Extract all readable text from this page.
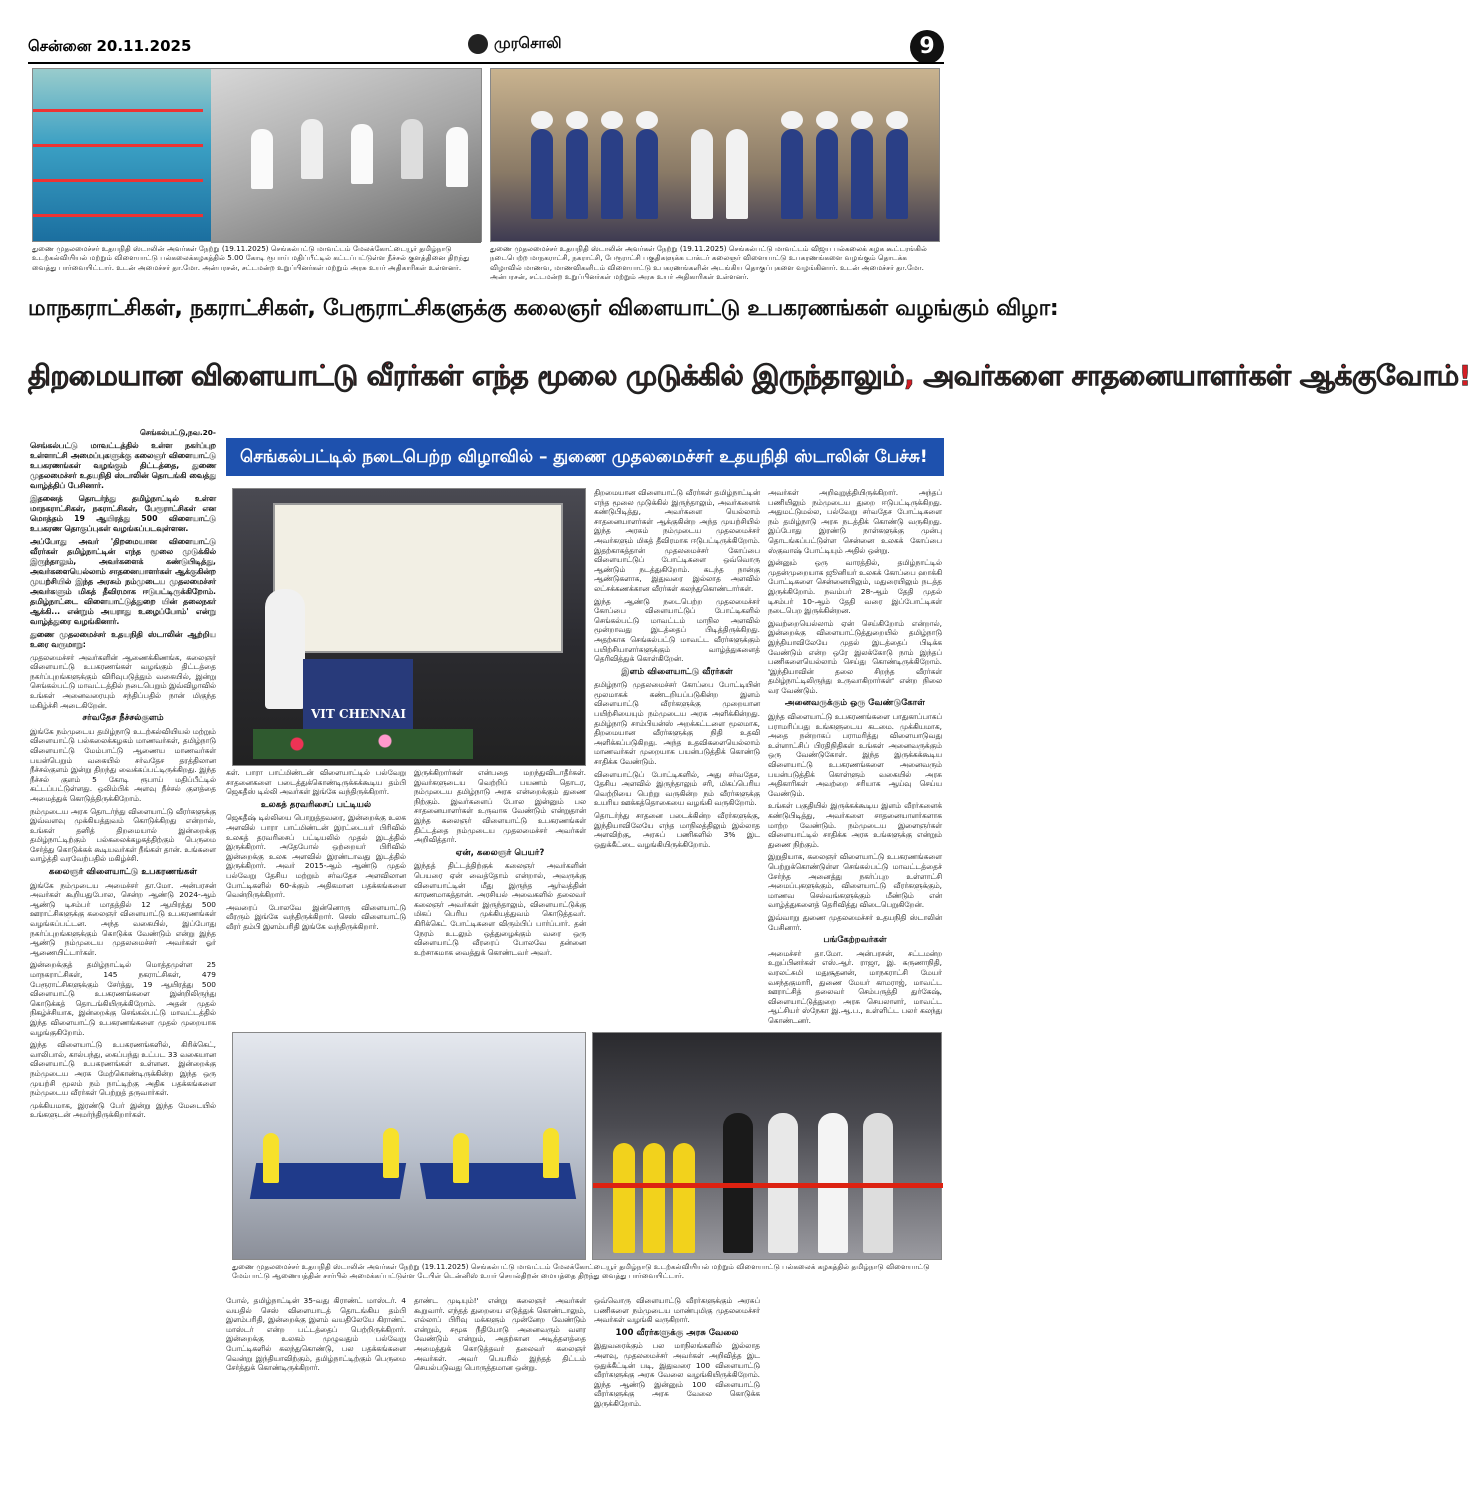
சென்னை 20.11.2025	முரசொலி	9
துணை முதலமைச்சர் உதயநிதி ஸ்டாலின் அவர்கள் நேற்று (19.11.2025) செங்கல்பட்டு மாவட்டம் மேலக்கோட்டையூர் தமிழ்நாடு உடற்கல்வியியல் மற்றும் விளையாட்டு பல்கலைக்கழகத்தில் 5.00 கோடி ரூபாய் மதிப்பீட்டில் கட்டப்பட்டுள்ள நீச்சல் குளத்தினை திறந்து வைத்து பார்வையிட்டார். உடன் அமைச்சர் தா.மோ. அன்பரசன், சட்டமன்ற உறுப்பினர்கள் மற்றும் அரசு உயர் அதிகாரிகள் உள்ளனர்.
துணை முதலமைச்சர் உதயநிதி ஸ்டாலின் அவர்கள் நேற்று (19.11.2025) செங்கல்பட்டு மாவட்டம் விஜய பல்கலைக் கழக கூட்டரங்கில் நடைபெற்ற மாநகராட்சி, நகராட்சி, பேரூராட்சி பகுதிகளுக்க டாக்டர் கலைஞர் விளையாட்டு உபகரணங்களை வழங்கும் தொடக்க விழாவில் மாணவ, மாணவிகளிடம் விளையாட்டு உபகரணங்களின் அடங்கிய தொகுப்புகளை வழங்கினார். உடன் அமைச்சர் தா.மோ. அன்பரசன், சட்டமன்ற உறுப்பினர்கள் மற்றும் அரசு உயர் அதிகாரிகள் உள்ளனர்.
மாநகராட்சிகள், நகராட்சிகள், பேரூராட்சிகளுக்கு கலைஞர் விளையாட்டு உபகரணங்கள் வழங்கும் விழா:
திறமையான விளையாட்டு வீரர்கள் எந்த மூலை முடுக்கில் இருந்தாலும், அவர்களை சாதனையாளர்கள் ஆக்குவோம்!
செங்கல்பட்டில் நடைபெற்ற விழாவில் – துணை முதலமைச்சர் உதயநிதி ஸ்டாலின் பேச்சு!

செங்கல்பட்டு,நவ.20-

செங்கல்பட்டு மாவட்டத்தில் உள்ள நகர்ப்புற உள்ளாட்சி அமைப்புகளுக்கு கலைஞர் விளையாட்டு உபகரணங்கள் வழங்கும் திட்டத்தை, துணை முதலமைச்சர் உதயநிதி ஸ்டாலின் தொடங்கி வைத்து வாழ்த்திப் பேசினார்.

இதனைத் தொடர்ந்து தமிழ்நாட்டில் உள்ள மாநகராட்சிகள், நகராட்சிகள், பேரூராட்சிகள் என மொத்தம் 19 ஆயிரத்து 500 விளையாட்டு உபகரண தொகுப்புகள் வழங்கப்படவுள்ளன.

அப்போது அவர் 'திறமையான விளையாட்டு வீரர்கள் தமிழ்நாட்டின் எந்த மூலை முடுக்கில் இருந்தாலும், அவர்களைக் கண்டுபிடித்து, அவர்களையெல்லாம் சாதனையாளர்கள் ஆக்குகின்ற முயற்சியில் இந்த அரசும் நம்முடைய முதலமைச்சர் அவர்களும் மிகத் தீவிரமாக ஈடுபட்டிருக்கிறோம். தமிழ்நாட்டை விளையாட்டுத்துறை யின் தலைநகர் ஆக்கி... என்றும் அயராது உழைப்போம்' என்று வாழ்த்துரை வழங்கினார்.

துணை முதலமைச்சர் உதயநிதி ஸ்டாலின் ஆற்றிய உரை வருமாறு:

முதலமைச்சர் அவர்களின் ஆணைக்கிணங்க, கலைஞர் விளையாட்டு உபகரணங்கள் வழங்கும் திட்டத்தை நகர்ப்புறங்களுக்கும் விரிவுபடுத்தும் வகையில், இன்று செங்கல்பட்டு மாவட்டத்தில் நடைபெறும் இவ்விழாவில் உங்கள் அனைவரையும் சந்திப்பதில் நான் மிகுந்த மகிழ்ச்சி அடைகிறேன்.

சர்வதேச நீச்சல்குளம்

இங்கே நம்முடைய தமிழ்நாடு உடற்கல்வியியல் மற்றும் விளையாட்டு பல்கலைக்கழகம் மாணவர்கள், தமிழ்நாடு விளையாட்டு மேம்பாட்டு ஆணைய மாணவர்கள் பயன்பெறும் வகையில் சர்வதேச தரத்திலான நீச்சல்குளம் இன்று திறந்து வைக்கப்பட்டிருக்கிறது. இந்த நீச்சல் குளம் 5 கோடி ரூபாய் மதிப்பீட்டில் கட்டப்பட்டுள்ளது. ஒலிம்பிக் அளவு நீச்சல் குளத்தை அமைத்துக் கொடுத்திருக்கிறோம்.

நம்முடைய அரசு தொடர்ந்து விளையாட்டு வீரர்களுக்கு இவ்வளவு முக்கியத்துவம் கொடுக்கிறது என்றால், உங்கள் தனித் திறமையால் இன்றைக்கு தமிழ்நாட்டிற்கும் பல்கலைக்கழகத்திற்கும் பெருமை சேர்த்து கொடுக்கக் கூடியவர்கள் நீங்கள் தான். உங்களை வாழ்த்தி வரவேற்பதில் மகிழ்ச்சி.

கலைஞர் விளையாட்டு உபகரணங்கள்

இங்கே நம்முடைய அமைச்சர் தா.மோ. அன்பரசன் அவர்கள் கூறியதுபோல, சென்ற ஆண்டு 2024-ஆம் ஆண்டு டிசம்பர் மாதத்தில் 12 ஆயிரத்து 500 ஊராட்சிகளுக்கு கலைஞர் விளையாட்டு உபகரணங்கள் வழங்கப்பட்டன. அந்த வகையில், இப்போது நகர்ப்புறங்களுக்கும் கொடுக்க வேண்டும் என்று இந்த ஆண்டு நம்முடைய முதலமைச்சர் அவர்கள் ஓர் ஆணையிட்டார்கள்.

இன்றைக்குத் தமிழ்நாட்டில் மொத்தமுள்ள 25 மாநகராட்சிகள், 145 நகராட்சிகள், 479 பேரூராட்சிகளுக்கும் சேர்த்து, 19 ஆயிரத்து 500 விளையாட்டு உபகரணங்களை இன்றிலிருந்து கொடுக்கத் தொடங்கியிருக்கிறோம். அதன் முதல் நிகழ்ச்சியாக, இன்றைக்கு செங்கல்பட்டு மாவட்டத்தில் இந்த விளையாட்டு உபகரணங்களை முதல் முறையாக வழங்குகிறோம்.

இந்த விளையாட்டு உபகரணங்களில், கிரிக்கெட், வாலிபால், கால்பந்து, கைப்பந்து உட்பட 33 வகையான விளையாட்டு உபகரணங்கள் உள்ளன. இன்றைக்கு நம்முடைய அரசு மேற்கொண்டிருக்கின்ற இந்த ஒரு முயற்சி மூலம் நம் நாட்டிற்கு அதிக பதக்கங்களை நம்முடைய வீரர்கள் பெற்றுத் தருவார்கள்.

முக்கியமாக, இரண்டு பேர் இன்று இந்த மேடையில் உங்களுடன் அமர்ந்திருக்கிறார்கள்.

VIT CHENNAI

கள். பாரா பாட்மிண்டன் விளையாட்டில் பல்வேறு சாதனைகளை படைத்துக்கொண்டிருக்கக்கூடிய தம்பி ஜெகதீஸ் டில்லி அவர்கள் இங்கே வந்திருக்கிறார்.

உலகத் தரவரிசைப் பட்டியல்

ஜெகதீஷ் டில்லியை பொறுத்தவரை, இன்றைக்கு உலக அளவில் பாரா பாட்மிண்டன் இரட்டையர் பிரிவில் உலகத் தரவரிசைப் பட்டியலில் முதல் இடத்தில் இருக்கிறார். அதேபோல் ஒற்றையர் பிரிவில் இன்றைக்கு உலக அளவில் இரண்டாவது இடத்தில் இருக்கிறார். அவர் 2015-ஆம் ஆண்டு முதல் பல்வேறு தேசிய மற்றும் சர்வதேச அளவிலான போட்டிகளில் 60-க்கும் அதிகமான பதக்கங்களை வென்றிருக்கிறார்.

அவரைப் போலவே இன்னொரு விளையாட்டு வீரரும் இங்கே வந்திருக்கிறார். செஸ் விளையாட்டு வீரர் தம்பி இளம்பரிதி இங்கே வந்திருக்கிறார்.

இருக்கிறார்கள் என்பதை மறந்துவிடாதீர்கள். இவர்களுடைய வெற்றிப் பயணம் தொடர, நம்முடைய தமிழ்நாடு அரசு என்றைக்கும் துணை நிற்கும். இவர்களைப் போல இன்னும் பல சாதனையாளர்கள் உருவாக வேண்டும் என்றுதான் இந்த கலைஞர் விளையாட்டு உபகரணங்கள் திட்டத்தை நம்முடைய முதலமைச்சர் அவர்கள் அறிவித்தார்.

ஏன், கலைஞர் பெயர்?

இந்தத் திட்டத்திற்குக் கலைஞர் அவர்களின் பெயரை ஏன் வைத்தோம் என்றால், அவருக்கு விளையாட்டின் மீது இருந்த ஆர்வத்தின் காரணமாகத்தான். அரசியல் அவைகளில் தலைவர் கலைஞர் அவர்கள் இருந்தாலும், விளையாட்டுக்கு மிகப் பெரிய முக்கியத்துவம் கொடுத்தவர். கிரிக்கெட் போட்டிகளை விரும்பிப் பார்ப்பார். தன் நேரம் உடலும் ஒத்துழைக்கும் வரை ஒரு விளையாட்டு வீரரைப் போலவே தன்னை உற்சாகமாக வைத்துக் கொண்டவர் அவர்.

திறமையான விளையாட்டு வீரர்கள் தமிழ்நாட்டின் எந்த மூலை முடுக்கில் இருந்தாலும், அவர்களைக் கண்டுபிடித்து, அவர்களை யெல்லாம் சாதனையாளர்கள் ஆக்குகின்ற அந்த முயற்சியில் இந்த அரசும் நம்முடைய முதலமைச்சர் அவர்களும் மிகத் தீவிரமாக ஈடுபட்டிருக்கிறோம். இதற்காகத்தான் முதலமைச்சர் கோப்பை விளையாட்டுப் போட்டிகளை ஒவ்வொரு ஆண்டும் நடத்துகிறோம். கடந்த நான்கு ஆண்டுகளாக, இதுவரை இல்லாத அளவில் லட்சக்கணக்கான வீரர்கள் கலந்துகொண்டார்கள்.

இந்த ஆண்டு நடைபெற்ற முதலமைச்சர் கோப்பை விளையாட்டுப் போட்டிகளில் செங்கல்பட்டு மாவட்டம் மாநில அளவில் மூன்றாவது இடத்தைப் பிடித்திருக்கிறது. அதற்காக செங்கல்பட்டு மாவட்ட வீரர்களுக்கும் பயிற்சியாளர்களுக்கும் வாழ்த்துகளைத் தெரிவித்துக் கொள்கிறேன்.

இளம் விளையாட்டு வீரர்கள்

தமிழ்நாடு முதலமைச்சர் கோப்பை போட்டியின் மூலமாகக் கண்டறியப்படுகின்ற இளம் விளையாட்டு வீரர்களுக்கு முறையான பயிற்சியையும் நம்முடைய அரசு அளிக்கின்றது. தமிழ்நாடு சாம்பியன்ஸ் அறக்கட்டளை மூலமாக, திறமையான வீரர்களுக்கு நிதி உதவி அளிக்கப்படுகிறது. அந்த உதவிகளையெல்லாம் மாணவர்கள் முறையாக பயன்படுத்திக் கொண்டு சாதிக்க வேண்டும்.

விளையாட்டுப் போட்டிகளில், அது சர்வதேச, தேசிய அளவில் இருந்தாலும் சரி, மிகப்பெரிய வெற்றியை பெற்று வருகின்ற நம் வீரர்களுக்கு உயரிய ஊக்கத்தொகையை வழங்கி வருகிறோம்.

தொடர்ந்து சாதனை படைக்கின்ற வீரர்களுக்கு, இந்தியாவிலேயே எந்த மாநிலத்திலும் இல்லாத அளவிற்கு, அரசுப் பணிகளில் 3% இட ஒதுக்கீட்டை வழங்கியிருக்கிறோம்.

அவர்கள் அறிவுறுத்தியிருக்கிறார். அந்தப் பணியிலும் நம்முடைய துறை ஈடுபட்டிருக்கிறது. அதுமட்டுமல்ல, பல்வேறு சர்வதேச போட்டிகளை நம் தமிழ்நாடு அரசு நடத்திக் கொண்டு வருகிறது. இப்போது இரண்டு நாள்களுக்கு முன்பு தொடங்கப்பட்டுள்ள சென்னை உலகக் கோப்பை ஸ்குவாஷ் போட்டியும் அதில் ஒன்று.

இன்னும் ஒரு வாரத்தில், தமிழ்நாட்டில் முதன்முறையாக ஜூனியர் உலகக் கோப்பை ஹாக்கி போட்டிகளை சென்னையிலும், மதுரையிலும் நடத்த இருக்கிறோம். நவம்பர் 28-ஆம் தேதி முதல் டிசம்பர் 10-ஆம் தேதி வரை இப்போட்டிகள் நடைபெற இருக்கின்றன.

இவற்றையெல்லாம் ஏன் செய்கிறோம் என்றால், இன்றைக்கு விளையாட்டுத்துறையில் தமிழ்நாடு இந்தியாவிலேயே முதல் இடத்தைப் பிடிக்க வேண்டும் என்ற ஒரே இலக்கோடு நாம் இந்தப் பணிகளையெல்லாம் செய்து கொண்டிருக்கிறோம். 'இந்தியாவின் தலை சிறந்த வீரர்கள் தமிழ்நாட்டிலிருந்து உருவாகிறார்கள்' என்ற நிலை வர வேண்டும்.

அனைவருக்கும் ஒரு வேண்டுகோள்

இந்த விளையாட்டு உபகரணங்களை பாதுகாப்பாகப் பராமரிப்பது உங்களுடைய கடமை. முக்கியமாக, அதை நன்றாகப் பராமரித்து விளையாடுவது உள்ளாட்சிப் பிரதிநிதிகள் உங்கள் அனைவருக்கும் ஒரு வேண்டுகோள். இந்த இருக்கக்கூடிய விளையாட்டு உபகரணங்களை அனைவரும் பயன்படுத்திக் கொள்ளும் வகையில் அரசு அதிகாரிகள் அவற்றை சரியாக ஆய்வு செய்ய வேண்டும்.

உங்கள் பகுதியில் இருக்கக்கூடிய இளம் வீரர்களைக் கண்டுபிடித்து, அவர்களை சாதனையாளர்களாக மாற்ற வேண்டும். நம்முடைய இளைஞர்கள் விளையாட்டில் சாதிக்க அரசு உங்களுக்கு என்றும் துணை நிற்கும்.

இறுதியாக, கலைஞர் விளையாட்டு உபகரணங்களை பெற்றுக்கொண்டுள்ள செங்கல்பட்டு மாவட்டத்தைச் சேர்ந்த அனைத்து நகர்ப்புற உள்ளாட்சி அமைப்புகளுக்கும், விளையாட்டு வீரர்களுக்கும், மாணவ செல்வங்களுக்கும் மீண்டும் என் வாழ்த்துகளைத் தெரிவித்து விடைபெறுகிறேன்.

இவ்வாறு துணை முதலமைச்சர் உதயநிதி ஸ்டாலின் பேசினார்.

பங்கேற்றவர்கள்

அமைச்சர் தா.மோ. அன்பரசன், சட்டமன்ற உறுப்பினர்கள் எஸ்.ஆர். ராஜா, இ. கருணாநிதி, வரலட்சுமி மதுசூதனன், மாநகராட்சி மேயர் வசந்தகுமாரி, துணை மேயர் காமராஜ், மாவட்ட ஊராட்சித் தலைவர் செம்பருத்தி துர்கேஷ், விளையாட்டுத்துறை அரசு செயலாளர், மாவட்ட ஆட்சியர் ஸ்நேகா இ.ஆ.ப., உள்ளிட்ட பலர் கலந்து கொண்டனர்.

துணை முதலமைச்சர் உதயநிதி ஸ்டாலின் அவர்கள் நேற்று (19.11.2025) செங்கல்பட்டு மாவட்டம் மேலக்கோட்டையூர் தமிழ்நாடு உடற்கல்வியியல் மற்றும் விளையாட்டு பல்கலைக் கழகத்தில் தமிழ்நாடு விளையாட்டு மேம்பாட்டு ஆணையத்தின் சார்பில் அமைக்கப்பட்டுள்ள டேபிள் டென்னிஸ் உயர் செயல்திறன் மையத்தை திறந்து வைத்து பார்வையிட்டார்.

போல், தமிழ்நாட்டின் 35-வது கிராண்ட் மாஸ்டர். 4 வயதில் செஸ் விளையாடத் தொடங்கிய தம்பி இளம்பரிதி, இன்றைக்கு இளம் வயதிலேயே கிராண்ட் மாஸ்டர் என்ற பட்டத்தைப் பெற்றிருக்கிறார். இன்றைக்கு உலகம் முழுவதும் பல்வேறு போட்டிகளில் கலந்துகொண்டு, பல பதக்கங்களை வென்று இந்தியாவிற்கும், தமிழ்நாட்டிற்கும் பெருமை சேர்த்துக் கொண்டிருக்கிறார்.

தாண்ட முடியும்!' என்று கலைஞர் அவர்கள் கூறுவார். எந்தத் துறையை எடுத்துக் கொண்டாலும், எல்லாப் பிரிவு மக்களும் முன்னேற வேண்டும் என்றும், சமூக நீதியோடு அனைவரும் வளர வேண்டும் என்றும், அதற்கான அடித்தளத்தை அமைத்துக் கொடுத்தவர் தலைவர் கலைஞர் அவர்கள். அவர் பெயரில் இந்தத் திட்டம் செயல்படுவது பொருத்தமான ஒன்று.

ஒவ்வொரு விளையாட்டு வீரர்களுக்கும் அரசுப் பணிகளை நம்முடைய மாண்புமிகு முதலமைச்சர் அவர்கள் வழங்கி வருகிறார்.

100 வீரர்களுக்கு அரசு வேலை

இதுவரைக்கும் பல மாநிலங்களில் இல்லாத அளவு, முதலமைச்சர் அவர்கள் அறிவித்த இட ஒதுக்கீட்டின் படி, இதுவரை 100 விளையாட்டு வீரர்களுக்கு அரசு வேலை வழங்கியிருக்கிறோம். இந்த ஆண்டு இன்னும் 100 விளையாட்டு வீரர்களுக்கு அரசு வேலை கொடுக்க இருக்கிறோம்.
